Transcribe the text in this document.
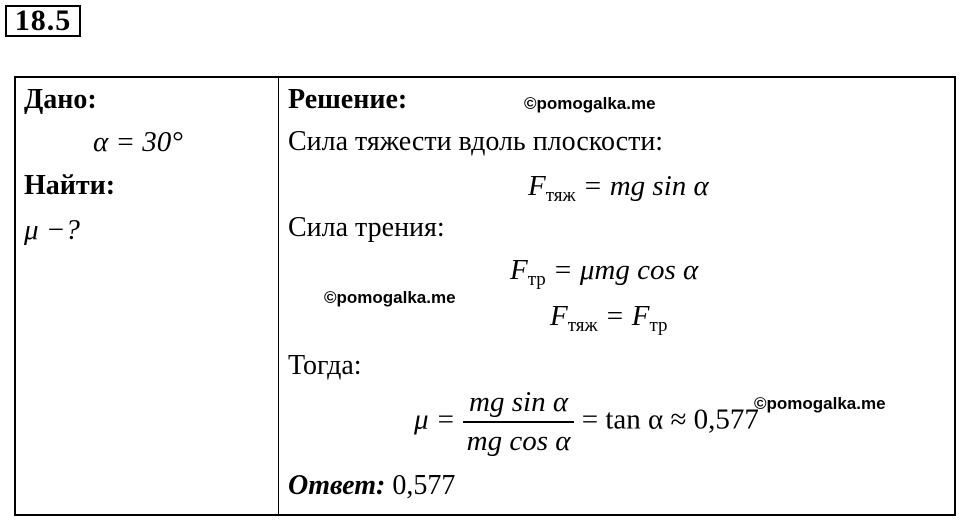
18.5
Дано:
α = 30°
Найти:
μ −?
Решение:	©pomogalka.me
Сила тяжести вдоль плоскости:
$F_{тяж}$ = mg sin α
Сила трения:
$F_{тр} = \mu mg$ cos α
©pomogalka.me
$F_{тяж} = F_{тр}$
Тогда:
©pomogalka.me
$\mu = \frac{\text{mg sin α}}{\text{mg cos α}} = \tan \alpha \approx 0,577$
Ответ: 0,577
